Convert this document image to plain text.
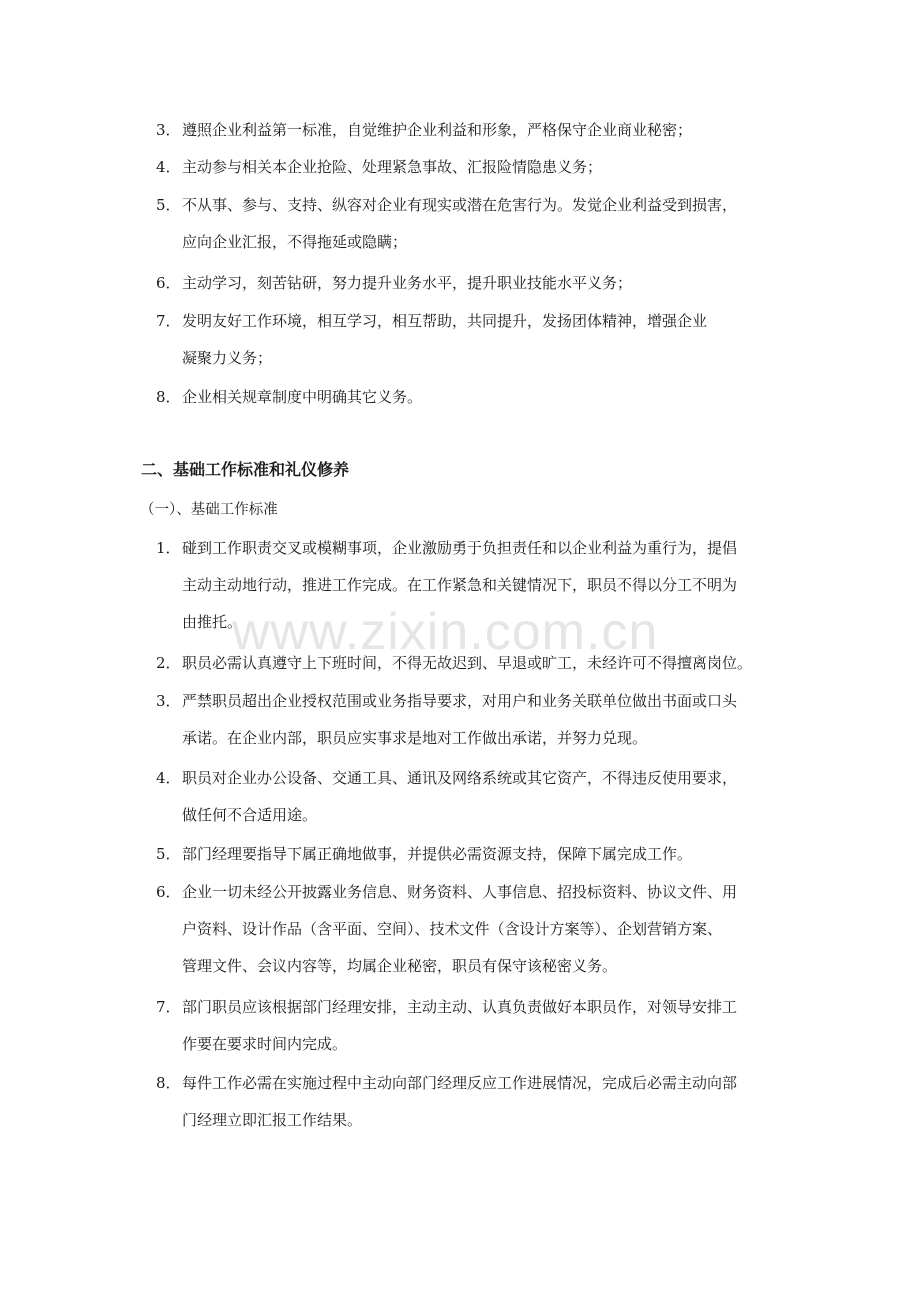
www.zixin.com.cn
3．遵照企业利益第一标准，自觉维护企业利益和形象，严格保守企业商业秘密；
4．主动参与相关本企业抢险、处理紧急事故、汇报险情隐患义务；
5．不从事、参与、支持、纵容对企业有现实或潜在危害行为。发觉企业利益受到损害，
应向企业汇报，不得拖延或隐瞒；
6．主动学习，刻苦钻研，努力提升业务水平，提升职业技能水平义务；
7．发明友好工作环境，相互学习，相互帮助，共同提升，发扬团体精神，增强企业
凝聚力义务；
8．企业相关规章制度中明确其它义务。
二、基础工作标准和礼仪修养
（一）、基础工作标准
1．碰到工作职责交叉或模糊事项，企业激励勇于负担责任和以企业利益为重行为，提倡
主动主动地行动，推进工作完成。在工作紧急和关键情况下，职员不得以分工不明为
由推托。
2．职员必需认真遵守上下班时间，不得无故迟到、早退或旷工，未经许可不得擅离岗位。
3．严禁职员超出企业授权范围或业务指导要求，对用户和业务关联单位做出书面或口头
承诺。在企业内部，职员应实事求是地对工作做出承诺，并努力兑现。
4．职员对企业办公设备、交通工具、通讯及网络系统或其它资产，不得违反使用要求，
做任何不合适用途。
5．部门经理要指导下属正确地做事，并提供必需资源支持，保障下属完成工作。
6．企业一切未经公开披露业务信息、财务资料、人事信息、招投标资料、协议文件、用
户资料、设计作品（含平面、空间）、技术文件（含设计方案等）、企划营销方案、
管理文件、会议内容等，均属企业秘密，职员有保守该秘密义务。
7．部门职员应该根据部门经理安排，主动主动、认真负责做好本职员作，对领导安排工
作要在要求时间内完成。
8．每件工作必需在实施过程中主动向部门经理反应工作进展情况，完成后必需主动向部
门经理立即汇报工作结果。
